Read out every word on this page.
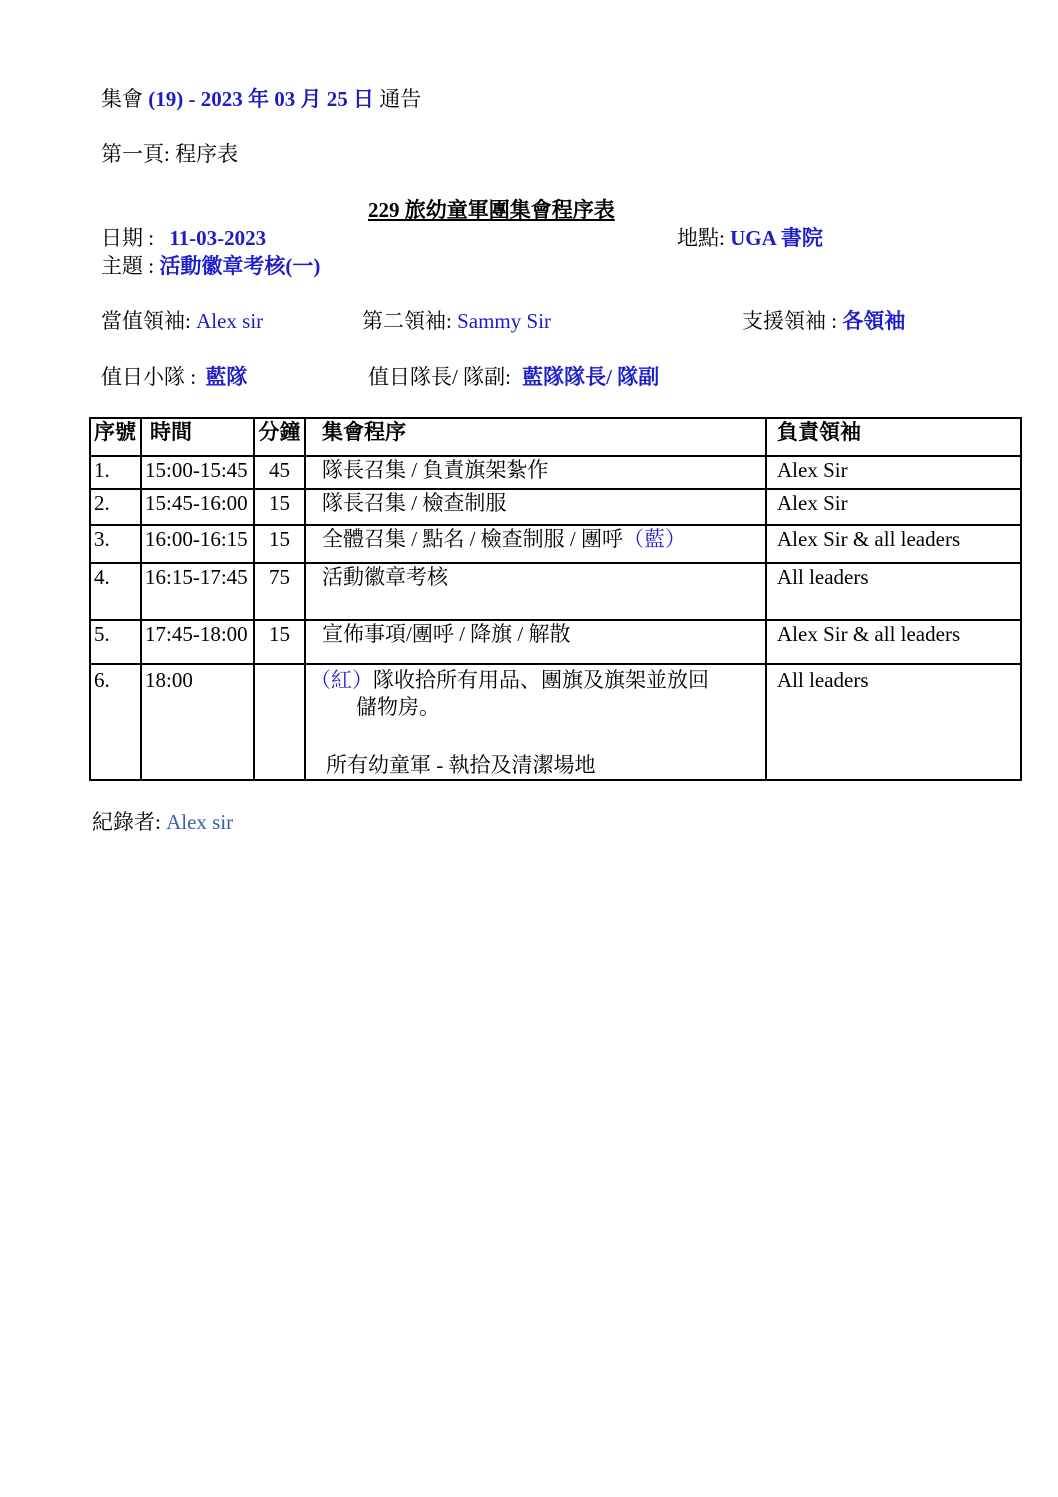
集會 (19) - 2023 年 03 月 25 日 通告
第一頁: 程序表
229 旅幼童軍團集會程序表
日期 : 11-03-2023	地點: UGA 書院
主題 : 活動徽章考核(一)
當值領袖: Alex sir	第二領袖: Sammy Sir	支援領袖 : 各領袖
值日小隊 : 藍隊	值日隊長/ 隊副: 藍隊隊長/ 隊副
序號	時間	分鐘	集會程序	負責領袖
1.	15:00-15:45	45	隊長召集 / 負責旗架紮作	Alex Sir
2.	15:45-16:00	15	隊長召集 / 檢查制服	Alex Sir
3.	16:00-16:15	15	全體召集 / 點名 / 檢查制服 / 團呼（藍）	Alex Sir & all leaders
4.	16:15-17:45	75	活動徽章考核	All leaders
5.	17:45-18:00	15	宣佈事項/團呼 / 降旗 / 解散	Alex Sir & all leaders
6.	18:00		（紅）隊收拾所有用品、團旗及旗架並放回
儲物房。
所有幼童軍 - 執拾及清潔場地	All leaders
紀錄者: Alex sir
